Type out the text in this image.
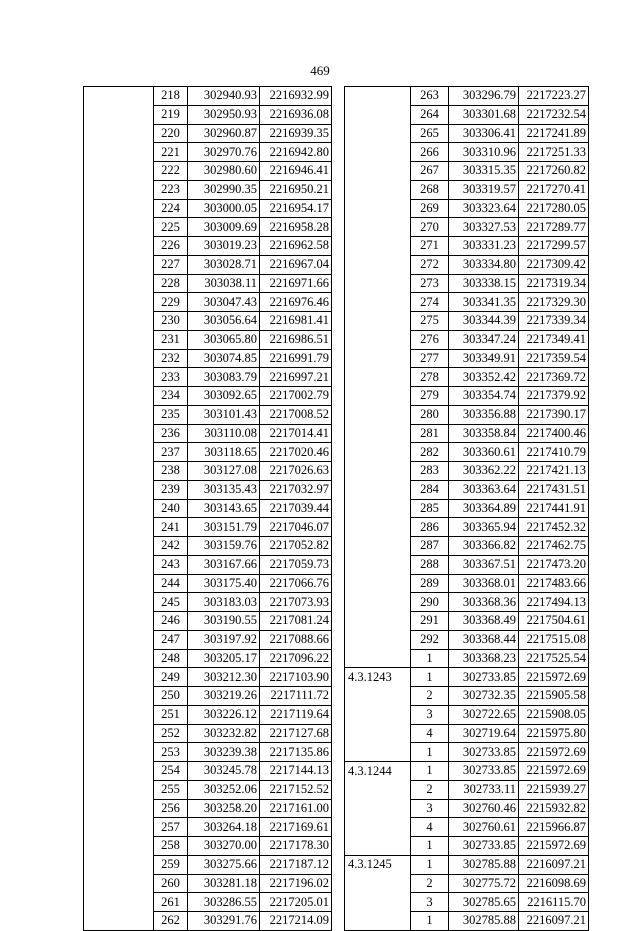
469
	218	302940.93	2216932.99
	219	302950.93	2216936.08
	220	302960.87	2216939.35
	221	302970.76	2216942.80
	222	302980.60	2216946.41
	223	302990.35	2216950.21
	224	303000.05	2216954.17
	225	303009.69	2216958.28
	226	303019.23	2216962.58
	227	303028.71	2216967.04
	228	303038.11	2216971.66
	229	303047.43	2216976.46
	230	303056.64	2216981.41
	231	303065.80	2216986.51
	232	303074.85	2216991.79
	233	303083.79	2216997.21
	234	303092.65	2217002.79
	235	303101.43	2217008.52
	236	303110.08	2217014.41
	237	303118.65	2217020.46
	238	303127.08	2217026.63
	239	303135.43	2217032.97
	240	303143.65	2217039.44
	241	303151.79	2217046.07
	242	303159.76	2217052.82
	243	303167.66	2217059.73
	244	303175.40	2217066.76
	245	303183.03	2217073.93
	246	303190.55	2217081.24
	247	303197.92	2217088.66
	248	303205.17	2217096.22
	249	303212.30	2217103.90
	250	303219.26	2217111.72
	251	303226.12	2217119.64
	252	303232.82	2217127.68
	253	303239.38	2217135.86
	254	303245.78	2217144.13
	255	303252.06	2217152.52
	256	303258.20	2217161.00
	257	303264.18	2217169.61
	258	303270.00	2217178.30
	259	303275.66	2217187.12
	260	303281.18	2217196.02
	261	303286.55	2217205.01
	262	303291.76	2217214.09
	263	303296.79	2217223.27
	264	303301.68	2217232.54
	265	303306.41	2217241.89
	266	303310.96	2217251.33
	267	303315.35	2217260.82
	268	303319.57	2217270.41
	269	303323.64	2217280.05
	270	303327.53	2217289.77
	271	303331.23	2217299.57
	272	303334.80	2217309.42
	273	303338.15	2217319.34
	274	303341.35	2217329.30
	275	303344.39	2217339.34
	276	303347.24	2217349.41
	277	303349.91	2217359.54
	278	303352.42	2217369.72
	279	303354.74	2217379.92
	280	303356.88	2217390.17
	281	303358.84	2217400.46
	282	303360.61	2217410.79
	283	303362.22	2217421.13
	284	303363.64	2217431.51
	285	303364.89	2217441.91
	286	303365.94	2217452.32
	287	303366.82	2217462.75
	288	303367.51	2217473.20
	289	303368.01	2217483.66
	290	303368.36	2217494.13
	291	303368.49	2217504.61
	292	303368.44	2217515.08
	1	303368.23	2217525.54
4.3.1243	1	302733.85	2215972.69
	2	302732.35	2215905.58
	3	302722.65	2215908.05
	4	302719.64	2215975.80
	1	302733.85	2215972.69
4.3.1244	1	302733.85	2215972.69
	2	302733.11	2215939.27
	3	302760.46	2215932.82
	4	302760.61	2215966.87
	1	302733.85	2215972.69
4.3.1245	1	302785.88	2216097.21
	2	302775.72	2216098.69
	3	302785.65	2216115.70
	1	302785.88	2216097.21
